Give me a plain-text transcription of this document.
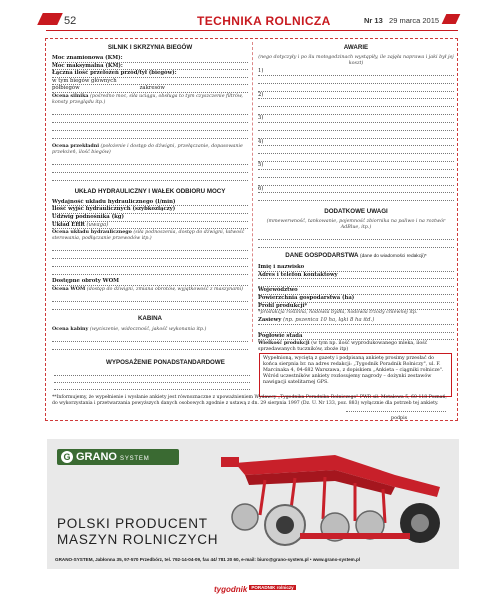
52	TECHNIKA ROLNICZA	Nr 13 29 marca 2015
SILNIK I SKRZYNIA BIEGÓW
Moc znamionowa (KM):
Moc maksymalna (KM):
Łączna ilość przełożeń przód/tył (biegów):
w tym biegów głównych
półbiegów	zakresów
Ocena silnika (pośredno moc, siła uciągu, obsługa to tym czyszczenie filtrów, konsty przeglądu itp.)
Ocena przekładni (położenie i dostęp do dźwigni, przełączanie, dopasowanie przełożeń, ilość biegów)
UKŁAD HYDRAULICZNY I WAŁEK ODBIORU MOCY
Wydajność układu hydraulicznego (l/min)
Ilość wyjść hydraulicznych (szybkozłączy)
Udźwig podnośnika (kg)
Układ EHR (uwaga)
Ocena układu hydraulicznego (siła podnoszenia, dostęp do dźwigni, łatwość sterowania, podłączanie przewodów itp.)
Dostępne obroty WOM
Ocena WOM (dostęp do dźwigni, zmiana obrotów, wyjątkowość z maszynami)
KABINA
Ocena kabiny (wyciszenie, widoczność, jakość wykonania itp.)
AWARIE
(nego dotyczyły i po ilu motogodzinach wystąpiły, ile zajęła naprawa i jaki był jej koszt)
1)
2)
3)
4)
5)
6)
DODATKOWE UWAGI
(mmewerwność, tankowanie, pojemność zbiornika na paliwo i na roztwór AdBlue, itp.)
DANE GOSPODARSTWA (dane do wiadomości redakcji)*
Imię i nazwisko
Adres i telefon kontaktowy
Województwo
Powierzchnia gospodarstwa (ha)
Profil produkcji*
*produkcja roślinna, hodowla bydła, hodowla trzody chlewnej itp.
Zasiewy (np. pszenica 10 ha, łąki 8 ha itd.)
Pogłowie stada
Wielkość produkcji (w tym np. ilość wyprodukowanego mleka, ilość sprzedawanych tuczników, zboże itp)
WYPOSAŻENIE PONADSTANDARDOWE
Wypełnioną, wyciętą z gazety i podpisaną ankietę prosimy przesłać do końca sierpnia br. na adres redakcji: „Tygodnik Poradnik Rolniczy", ul. F. Marcinaka 4, 04-682 Warszawa, z dopiskiem „Ankieta – ciągniki rolnicze". Wśród uczestników ankiety rozlosujemy nagrody – dożynki zestawów nawigacji satelitarnej GPS.
**Informujemy, że wypełnienie i wysłanie ankiety jest równoznaczne z upoważnieniem Wydawcy „Tygodnika Poradnika Rolniczego" PWR sił. Metalowa 5, 60-118 Poznań, do wykorzystania i przetwarzania powyższych danych osobowych zgodnie z ustawą z dn. 29 sierpnia 1997 (Dz. U. Nr 133, poz. 883) wyłącznie dla potrzeb tej ankiety.
podpis
G GRANO SYSTEM
POLSKI PRODUCENT
MASZYN ROLNICZYCH
GRANO-SYSTEM, Jabłonna 35, 97-570 Przedbórz, tel. 792-14-04-09, fax 44/ 781 20 60, e-mail: biuro@grano-system.pl • www.grano-system.pl
tygodnik PORADNIK rolniczy
